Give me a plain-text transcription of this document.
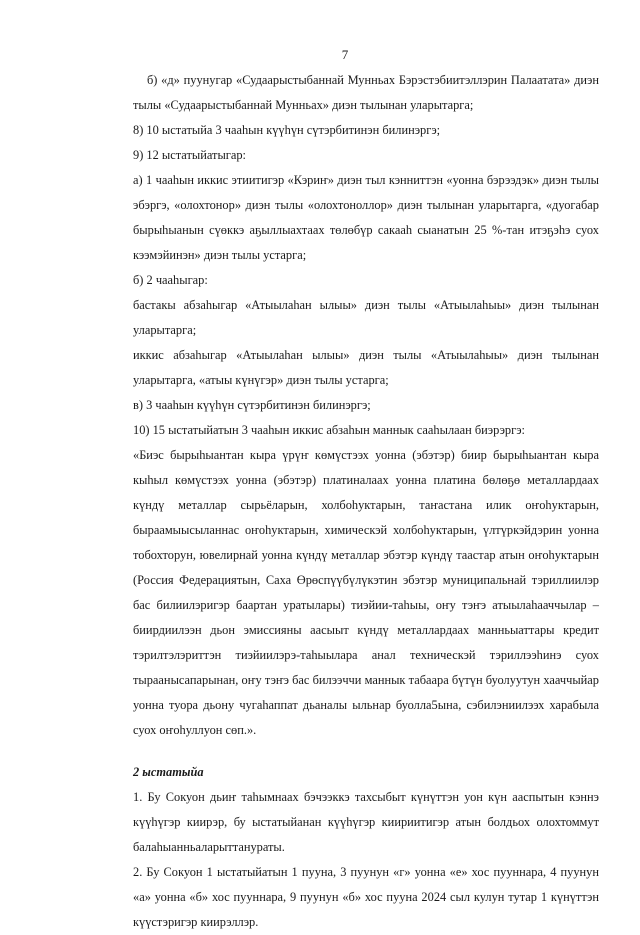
7

б) «д» пуунугар «Судаарыстыбаннай Мунньах Бэрэстэбиитэллэрин Палаатата» диэн тылы «Судаарыстыбаннай Мунньах» диэн тылынан уларытарга;

8) 10 ыстатыйа 3 чааһын күүһүн сүтэрбитинэн билинэргэ;

9) 12 ыстатыйатыгар:

а) 1 чааһын иккис этиитигэр «Кэриҥ» диэн тыл кэнниттэн «уонна бэрээдэк» диэн тылы эбэргэ, «олохтонор» диэн тылы «олохтоноллор» диэн тылынан уларытарга, «дуогабар бырыһыанын сүөккэ аҕыллыахтаах төлөбүр сакааһ сыанатын 25 %-тан итэҕэһэ суох кээмэйинэн» диэн тылы устарга;

б) 2 чааһыгар:

бастакы абзаһыгар «Атыылаһан ылыы» диэн тылы «Атыылаһыы» диэн тылынан уларытарга;

иккис абзаһыгар «Атыылаһан ылыы» диэн тылы «Атыылаһыы» диэн тылынан уларытарга, «атыы күнүгэр» диэн тылы устарга;

в) 3 чааһын күүһүн сүтэрбитинэн билинэргэ;

10) 15 ыстатыйатын 3 чааһын иккис абзаһын маннык сааһылаан биэрэргэ:

«Биэс бырыһыантан кыра үрүҥ көмүстээх уонна (эбэтэр) биир бырыһыантан кыра кыһыл көмүстээх уонна (эбэтэр) платиналаах уонна платина бөлөҕө металлардаах күндү металлар сырьёларын, холбоһуктарын, таҥастана илик оҥоһуктарын, быраамыысыланнас оҥоһуктарын, химическэй холбоһуктарын, үлтүркэйдэрин уонна тобохторун, ювелирнай уонна күндү металлар эбэтэр күндү таастар атын оҥоһуктарын (Россия Федерациятын, Саха Өрөспүүбүлүкэтин эбэтэр муниципальнай тэриллиилэр бас билиилэригэр баартан уратылары) тиэйии-таһыы, оҥу тэҥэ атыылаһааччылар – биирдиилээн дьон эмиссияны аасыыт күндү металлардаах манньыаттары кредит тэрилтэлэриттэн тиэйиилэрэ-таһыылара анал техническэй тэриллээһинэ суох тыраанысапарынан, оҥу тэҥэ бас билээччи маннык табаара бүтүн буолуутун хааччыйар уонна туора дьону чугаһаппат дьаналы ыльнар буолла5ына, сэбилэниилээх харабыла суох оҥоһуллуон сөп.».

2 ыстатыйа

1. Бу Сокуон дьиҥ таһымнаах бэчээккэ тахсыбыт күнүттэн уон күн ааспытын кэннэ күүһүгэр киирэр, бу ыстатыйанан күүһүгэр киириитигэр атын болдьох олохтоммут балаһыанньаларыттанураты.

2. Бу Сокуон 1 ыстатыйатын 1 пуунa, 3 пуунун «г» уонна «е» хос пууннара, 4 пуунун «а» уонна «б» хос пууннара, 9 пуунун «б» хос пууна 2024 сыл кулун тутар 1 күнүттэн күүстэригэр киирэллэр.
